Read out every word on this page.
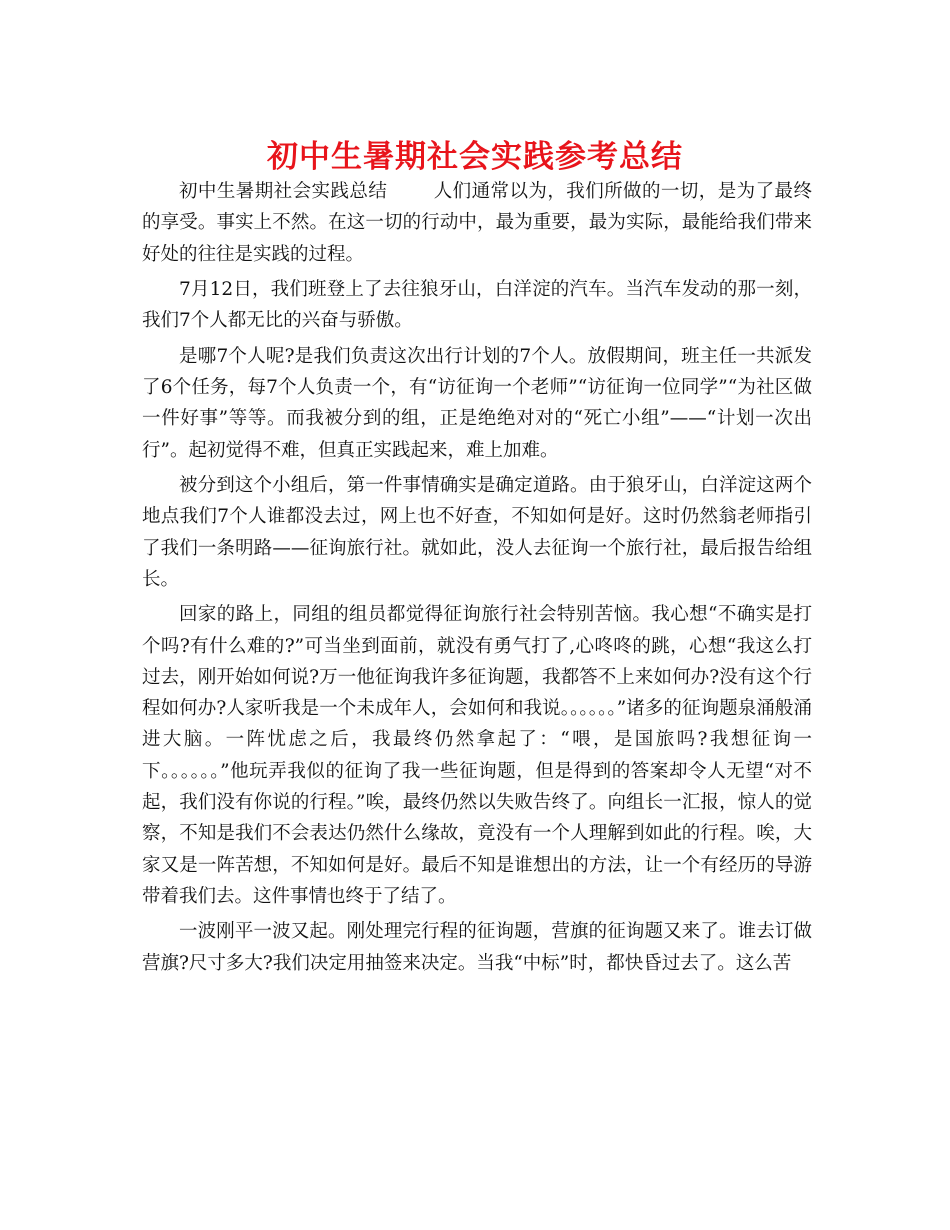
初中生暑期社会实践参考总结

初中生暑期社会实践总结 人们通常以为，我们所做的一切，是为了最终的享受。事实上不然。在这一切的行动中，最为重要，最为实际，最能给我们带来好处的往往是实践的过程。

7月12日，我们班登上了去往狼牙山，白洋淀的汽车。当汽车发动的那一刻，我们7个人都无比的兴奋与骄傲。

是哪7个人呢?是我们负责这次出行计划的7个人。放假期间，班主任一共派发了6个任务，每7个人负责一个，有“访征询一个老师”“访征询一位同学”“为社区做一件好事”等等。而我被分到的组，正是绝绝对对的“死亡小组”——“计划一次出行”。起初觉得不难，但真正实践起来，难上加难。

被分到这个小组后，第一件事情确实是确定道路。由于狼牙山，白洋淀这两个地点我们7个人谁都没去过，网上也不好查，不知如何是好。这时仍然翁老师指引了我们一条明路——征询旅行社。就如此，没人去征询一个旅行社，最后报告给组长。

回家的路上，同组的组员都觉得征询旅行社会特别苦恼。我心想“不确实是打个吗?有什么难的?”可当坐到面前，就没有勇气打了,心咚咚的跳，心想“我这么打过去，刚开始如何说?万一他征询我许多征询题，我都答不上来如何办?没有这个行程如何办?人家听我是一个未成年人，会如何和我说。。。。。。”诸多的征询题泉涌般涌进大脑。一阵忧虑之后，我最终仍然拿起了：“喂，是国旅吗?我想征询一下。。。。。。”他玩弄我似的征询了我一些征询题，但是得到的答案却令人无望“对不起，我们没有你说的行程。”唉，最终仍然以失败告终了。向组长一汇报，惊人的觉察，不知是我们不会表达仍然什么缘故，竟没有一个人理解到如此的行程。唉，大家又是一阵苦想，不知如何是好。最后不知是谁想出的方法，让一个有经历的导游带着我们去。这件事情也终于了结了。

一波刚平一波又起。刚处理完行程的征询题，营旗的征询题又来了。谁去订做营旗?尺寸多大?我们决定用抽签来决定。当我“中标”时，都快昏过去了。这么苦
